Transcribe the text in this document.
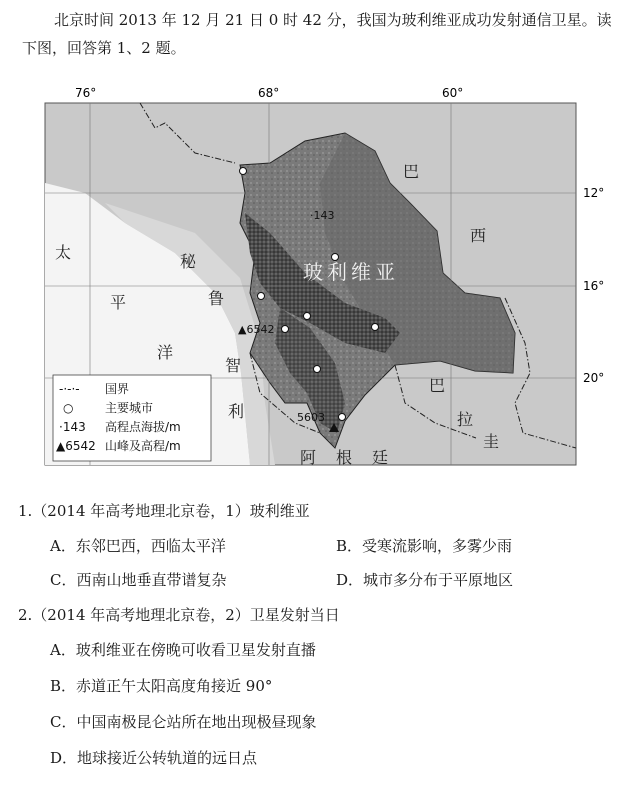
北京时间 2013 年 12 月 21 日 0 时 42 分，我国为玻利维亚成功发射通信卫星。读下图，回答第 1、2 题。
76°	68°	60°
12°
16°
20°
巴
西
巴
拉
圭
玻利维亚
秘
鲁
智
利
阿 根 廷
太
平
洋
·143
▲6542
5603
-·-·- 国界
○	主要城市
·143 高程点海拔/m
▲6542 山峰及高程/m
1.（2014 年高考地理北京卷，1）玻利维亚
A．东邻巴西，西临太平洋	B．受寒流影响，多雾少雨
C．西南山地垂直带谱复杂	D．城市多分布于平原地区
2.（2014 年高考地理北京卷，2）卫星发射当日
A．玻利维亚在傍晚可收看卫星发射直播
B．赤道正午太阳高度角接近 90°
C．中国南极昆仑站所在地出现极昼现象
D．地球接近公转轨道的远日点
